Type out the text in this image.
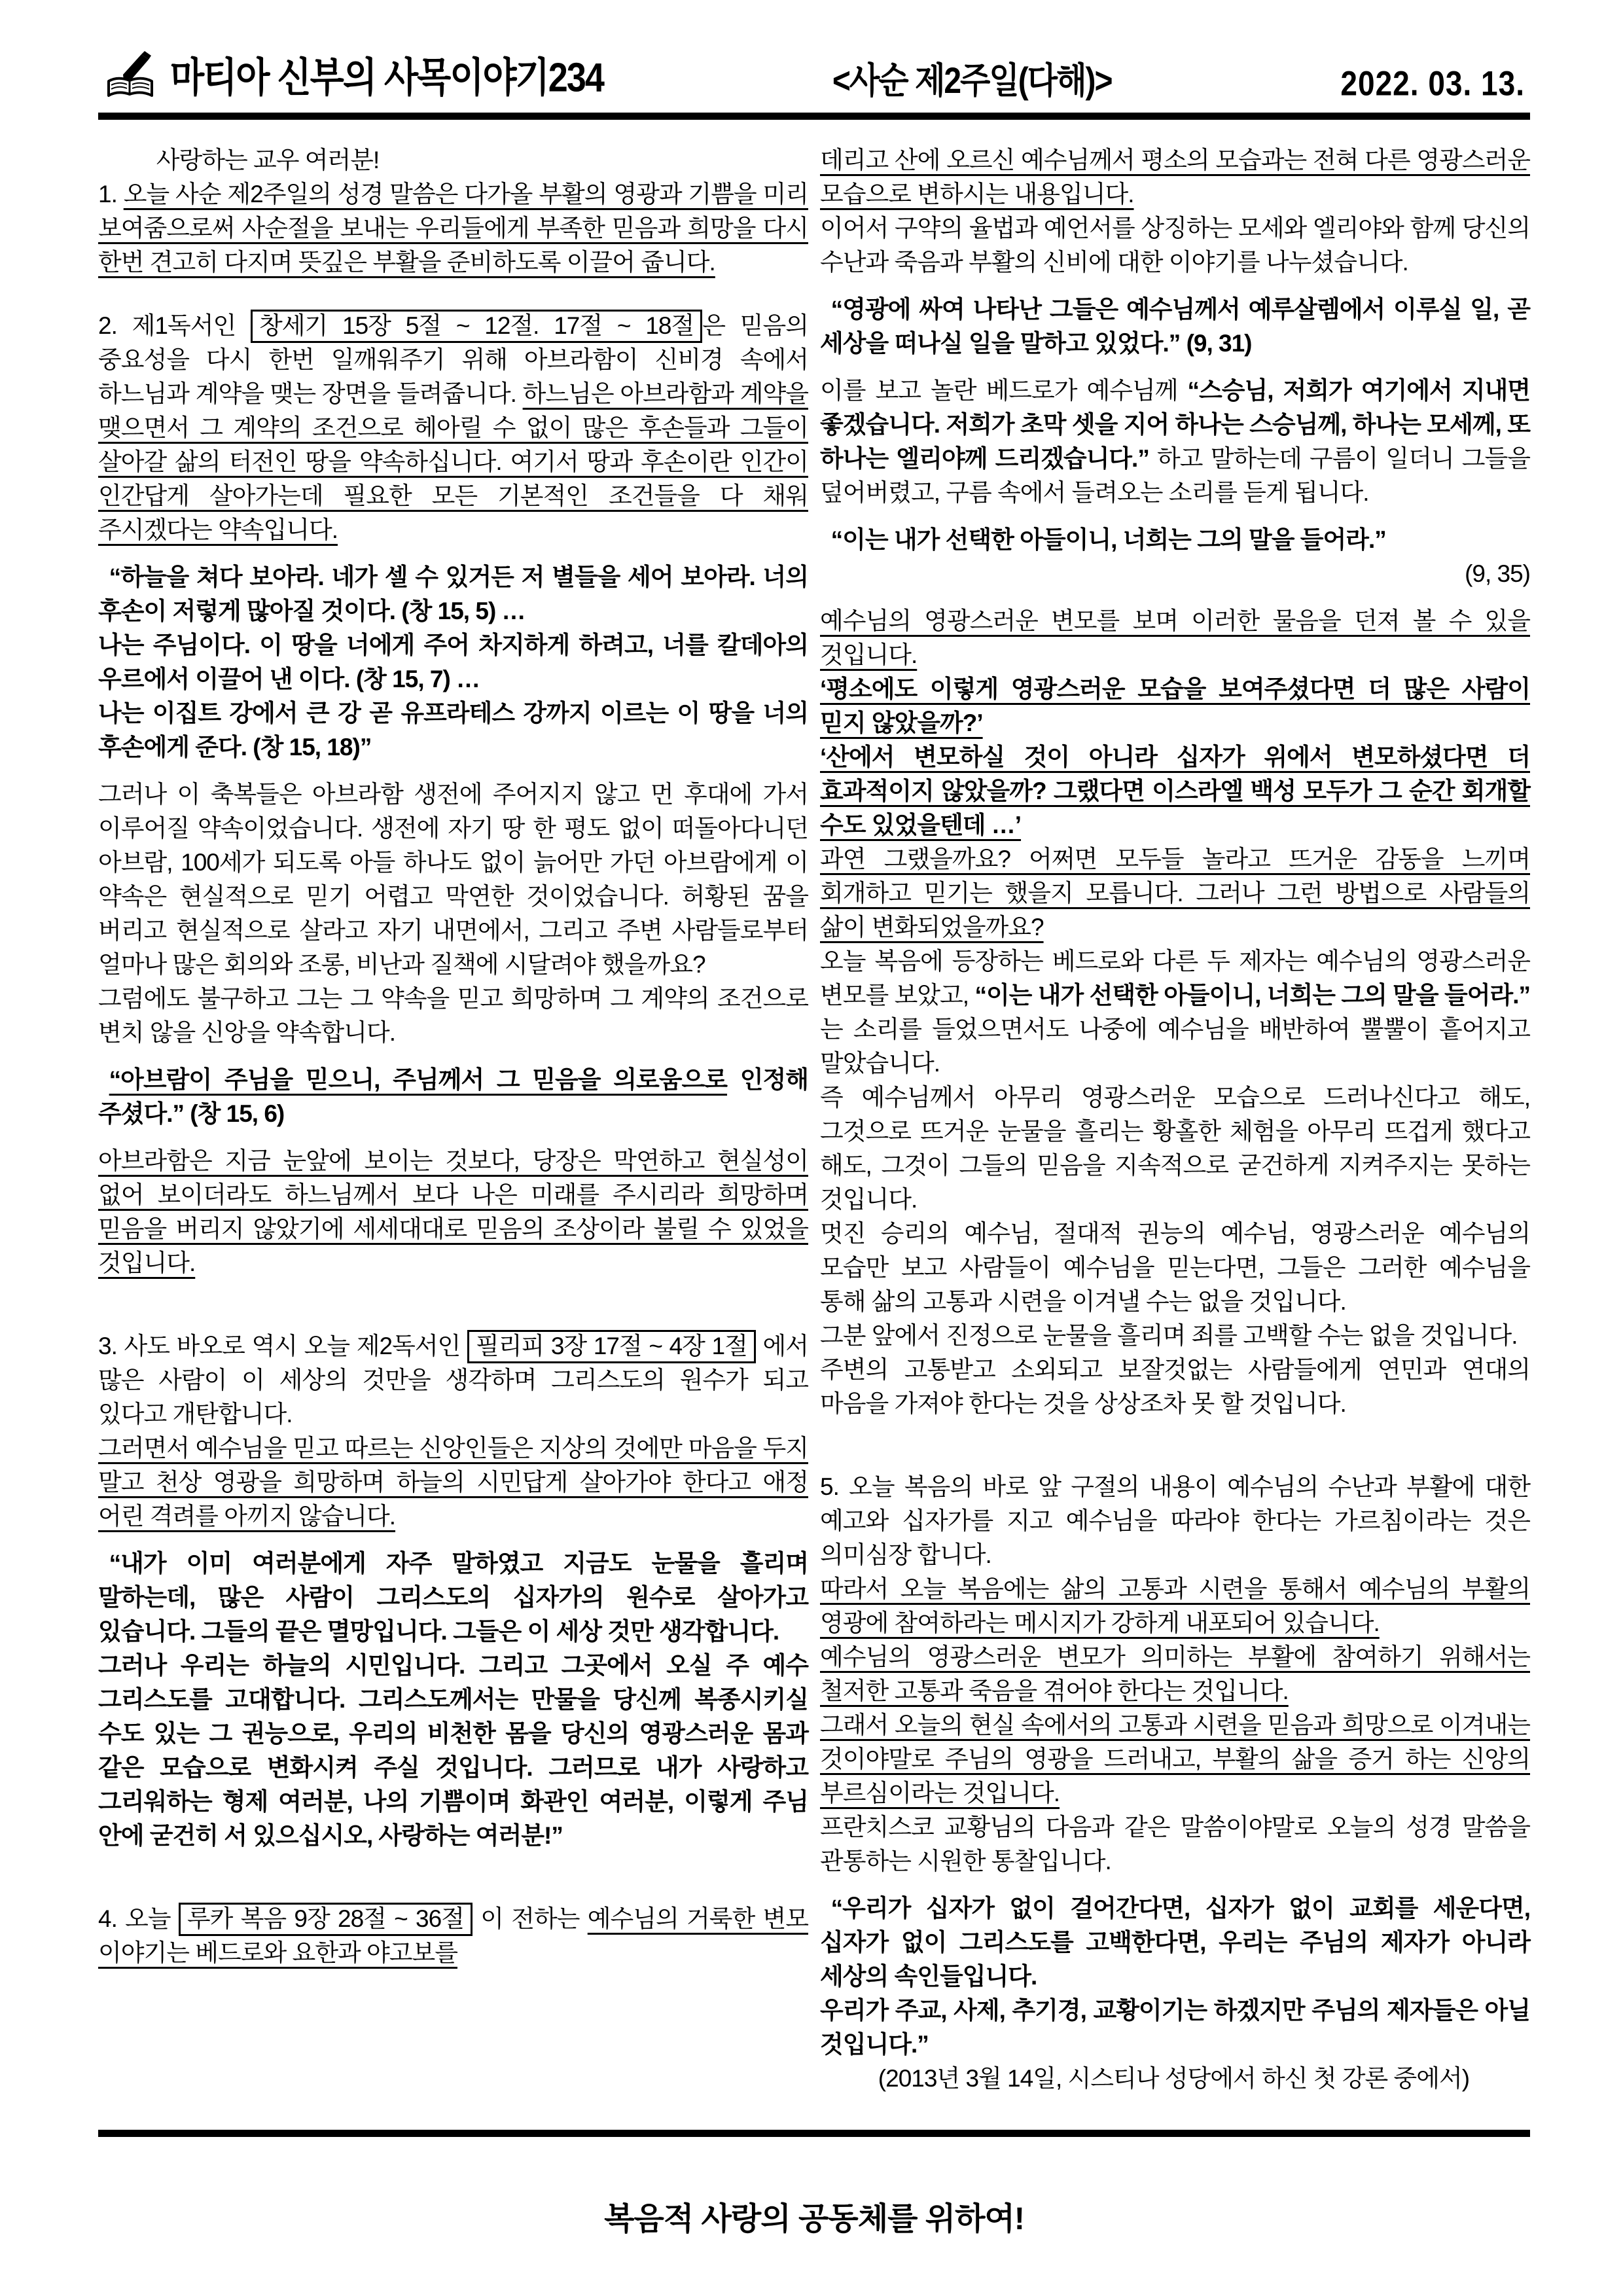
마티아 신부의 사목이야기234	<사순 제2주일(다해)>	2022. 03. 13.

사랑하는 교우 여러분!

1. 오늘 사순 제2주일의 성경 말씀은 다가올 부활의 영광과 기쁨을 미리 보여줌으로써 사순절을 보내는 우리들에게 부족한 믿음과 희망을 다시 한번 견고히 다지며 뜻깊은 부활을 준비하도록 이끌어 줍니다.

2. 제1독서인 창세기 15장 5절 ~ 12절. 17절 ~ 18절 은 믿음의 중요성을 다시 한번 일깨워주기 위해 아브라함이 신비경 속에서 하느님과 계약을 맺는 장면을 들려줍니다. 하느님은 아브라함과 계약을 맺으면서 그 계약의 조건으로 헤아릴 수 없이 많은 후손들과 그들이 살아갈 삶의 터전인 땅을 약속하십니다. 여기서 땅과 후손이란 인간이 인간답게 살아가는데 필요한 모든 기본적인 조건들을 다 채워 주시겠다는 약속입니다.

“하늘을 쳐다 보아라. 네가 셀 수 있거든 저 별들을 세어 보아라. 너의 후손이 저렇게 많아질 것이다. (창 15, 5) …

나는 주님이다. 이 땅을 너에게 주어 차지하게 하려고, 너를 칼데아의 우르에서 이끌어 낸 이다. (창 15, 7) …

나는 이집트 강에서 큰 강 곧 유프라테스 강까지 이르는 이 땅을 너의 후손에게 준다. (창 15, 18)”

그러나 이 축복들은 아브라함 생전에 주어지지 않고 먼 후대에 가서 이루어질 약속이었습니다. 생전에 자기 땅 한 평도 없이 떠돌아다니던 아브람, 100세가 되도록 아들 하나도 없이 늙어만 가던 아브람에게 이 약속은 현실적으로 믿기 어렵고 막연한 것이었습니다. 허황된 꿈을 버리고 현실적으로 살라고 자기 내면에서, 그리고 주변 사람들로부터 얼마나 많은 회의와 조롱, 비난과 질책에 시달려야 했을까요?

그럼에도 불구하고 그는 그 약속을 믿고 희망하며 그 계약의 조건으로 변치 않을 신앙을 약속합니다.

“아브람이 주님을 믿으니, 주님께서 그 믿음을 의로움으로 인정해 주셨다.” (창 15, 6)

아브라함은 지금 눈앞에 보이는 것보다, 당장은 막연하고 현실성이 없어 보이더라도 하느님께서 보다 나은 미래를 주시리라 희망하며 믿음을 버리지 않았기에 세세대대로 믿음의 조상이라 불릴 수 있었을 것입니다.

3. 사도 바오로 역시 오늘 제2독서인 필리피 3장 17절 ~ 4장 1절 에서 많은 사람이 이 세상의 것만을 생각하며 그리스도의 원수가 되고 있다고 개탄합니다.

그러면서 예수님을 믿고 따르는 신앙인들은 지상의 것에만 마음을 두지 말고 천상 영광을 희망하며 하늘의 시민답게 살아가야 한다고 애정 어린 격려를 아끼지 않습니다.

“내가 이미 여러분에게 자주 말하였고 지금도 눈물을 흘리며 말하는데, 많은 사람이 그리스도의 십자가의 원수로 살아가고 있습니다. 그들의 끝은 멸망입니다. 그들은 이 세상 것만 생각합니다.

그러나 우리는 하늘의 시민입니다. 그리고 그곳에서 오실 주 예수 그리스도를 고대합니다. 그리스도께서는 만물을 당신께 복종시키실 수도 있는 그 권능으로, 우리의 비천한 몸을 당신의 영광스러운 몸과 같은 모습으로 변화시켜 주실 것입니다. 그러므로 내가 사랑하고 그리워하는 형제 여러분, 나의 기쁨이며 화관인 여러분, 이렇게 주님 안에 굳건히 서 있으십시오, 사랑하는 여러분!”

4. 오늘 루카 복음 9장 28절 ~ 36절 이 전하는 예수님의 거룩한 변모 이야기는 베드로와 요한과 야고보를

데리고 산에 오르신 예수님께서 평소의 모습과는 전혀 다른 영광스러운 모습으로 변하시는 내용입니다.

이어서 구약의 율법과 예언서를 상징하는 모세와 엘리야와 함께 당신의 수난과 죽음과 부활의 신비에 대한 이야기를 나누셨습니다.

“영광에 싸여 나타난 그들은 예수님께서 예루살렘에서 이루실 일, 곧 세상을 떠나실 일을 말하고 있었다.” (9, 31)

이를 보고 놀란 베드로가 예수님께 “스승님, 저희가 여기에서 지내면 좋겠습니다. 저희가 초막 셋을 지어 하나는 스승님께, 하나는 모세께, 또 하나는 엘리야께 드리겠습니다.” 하고 말하는데 구름이 일더니 그들을 덮어버렸고, 구름 속에서 들려오는 소리를 듣게 됩니다.

“이는 내가 선택한 아들이니, 너희는 그의 말을 들어라.”

(9, 35)

예수님의 영광스러운 변모를 보며 이러한 물음을 던져 볼 수 있을 것입니다.

‘평소에도 이렇게 영광스러운 모습을 보여주셨다면 더 많은 사람이 믿지 않았을까?’

‘산에서 변모하실 것이 아니라 십자가 위에서 변모하셨다면 더 효과적이지 않았을까? 그랬다면 이스라엘 백성 모두가 그 순간 회개할 수도 있었을텐데 …’

과연 그랬을까요? 어쩌면 모두들 놀라고 뜨거운 감동을 느끼며 회개하고 믿기는 했을지 모릅니다. 그러나 그런 방법으로 사람들의 삶이 변화되었을까요?

오늘 복음에 등장하는 베드로와 다른 두 제자는 예수님의 영광스러운 변모를 보았고, “이는 내가 선택한 아들이니, 너희는 그의 말을 들어라.” 는 소리를 들었으면서도 나중에 예수님을 배반하여 뿔뿔이 흩어지고 말았습니다.

즉 예수님께서 아무리 영광스러운 모습으로 드러나신다고 해도, 그것으로 뜨거운 눈물을 흘리는 황홀한 체험을 아무리 뜨겁게 했다고 해도, 그것이 그들의 믿음을 지속적으로 굳건하게 지켜주지는 못하는 것입니다.

멋진 승리의 예수님, 절대적 권능의 예수님, 영광스러운 예수님의 모습만 보고 사람들이 예수님을 믿는다면, 그들은 그러한 예수님을 통해 삶의 고통과 시련을 이겨낼 수는 없을 것입니다.

그분 앞에서 진정으로 눈물을 흘리며 죄를 고백할 수는 없을 것입니다.

주변의 고통받고 소외되고 보잘것없는 사람들에게 연민과 연대의 마음을 가져야 한다는 것을 상상조차 못 할 것입니다.

5. 오늘 복음의 바로 앞 구절의 내용이 예수님의 수난과 부활에 대한 예고와 십자가를 지고 예수님을 따라야 한다는 가르침이라는 것은 의미심장 합니다.

따라서 오늘 복음에는 삶의 고통과 시련을 통해서 예수님의 부활의 영광에 참여하라는 메시지가 강하게 내포되어 있습니다.

예수님의 영광스러운 변모가 의미하는 부활에 참여하기 위해서는 철저한 고통과 죽음을 겪어야 한다는 것입니다.

그래서 오늘의 현실 속에서의 고통과 시련을 믿음과 희망으로 이겨내는 것이야말로 주님의 영광을 드러내고, 부활의 삶을 증거 하는 신앙의 부르심이라는 것입니다.

프란치스코 교황님의 다음과 같은 말씀이야말로 오늘의 성경 말씀을 관통하는 시원한 통찰입니다.

“우리가 십자가 없이 걸어간다면, 십자가 없이 교회를 세운다면, 십자가 없이 그리스도를 고백한다면, 우리는 주님의 제자가 아니라 세상의 속인들입니다.

우리가 주교, 사제, 추기경, 교황이기는 하겠지만 주님의 제자들은 아닐 것입니다.”

(2013년 3월 14일, 시스티나 성당에서 하신 첫 강론 중에서)

복음적 사랑의 공동체를 위하여!
